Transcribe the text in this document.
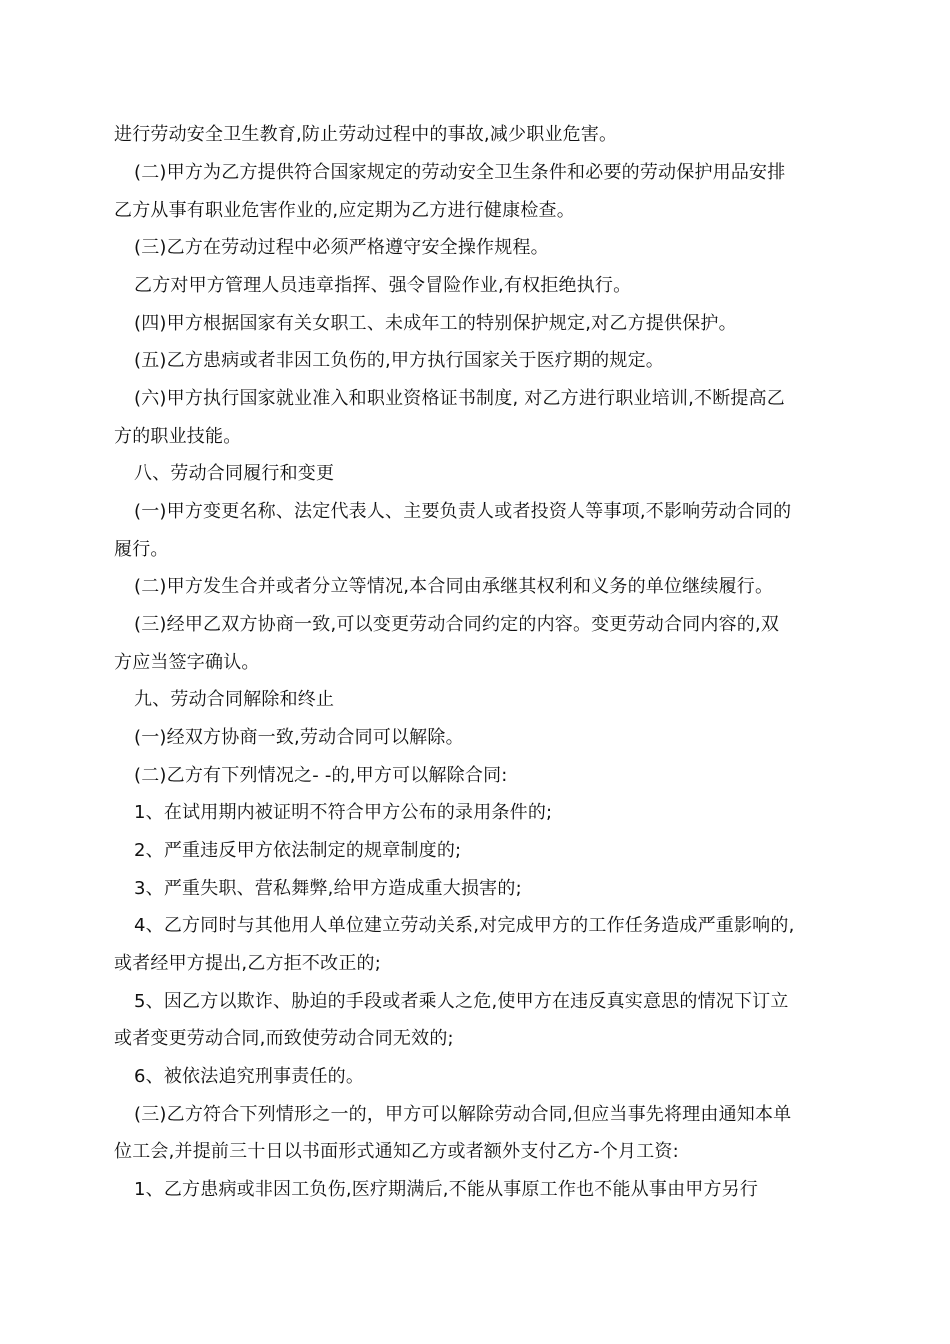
进行劳动安全卫生教育,防止劳动过程中的事故,减少职业危害。
(二)甲方为乙方提供符合国家规定的劳动安全卫生条件和必要的劳动保护用品安排
乙方从事有职业危害作业的,应定期为乙方进行健康检查。
(三)乙方在劳动过程中必须严格遵守安全操作规程。
乙方对甲方管理人员违章指挥、强令冒险作业,有权拒绝执行。
(四)甲方根据国家有关女职工、未成年工的特别保护规定,对乙方提供保护。
(五)乙方患病或者非因工负伤的,甲方执行国家关于医疗期的规定。
(六)甲方执行国家就业准入和职业资格证书制度, 对乙方进行职业培训,不断提高乙
方的职业技能。
八、劳动合同履行和变更
(一)甲方变更名称、法定代表人、主要负责人或者投资人等事项,不影响劳动合同的
履行。
(二)甲方发生合并或者分立等情况,本合同由承继其权利和义务的单位继续履行。
(三)经甲乙双方协商一致,可以变更劳动合同约定的内容。变更劳动合同内容的,双
方应当签字确认。
九、劳动合同解除和终止
(一)经双方协商一致,劳动合同可以解除。
(二)乙方有下列情况之- -的,甲方可以解除合同:
1、在试用期内被证明不符合甲方公布的录用条件的;
2、严重违反甲方依法制定的规章制度的;
3、严重失职、营私舞弊,给甲方造成重大损害的;
4、乙方同时与其他用人单位建立劳动关系,对完成甲方的工作任务造成严重影响的,
或者经甲方提出,乙方拒不改正的;
5、因乙方以欺诈、胁迫的手段或者乘人之危,使甲方在违反真实意思的情况下订立
或者变更劳动合同,而致使劳动合同无效的;
6、被依法追究刑事责任的。
(三)乙方符合下列情形之一的，甲方可以解除劳动合同,但应当事先将理由通知本单
位工会,并提前三十日以书面形式通知乙方或者额外支付乙方-个月工资:
1、乙方患病或非因工负伤,医疗期满后,不能从事原工作也不能从事由甲方另行
